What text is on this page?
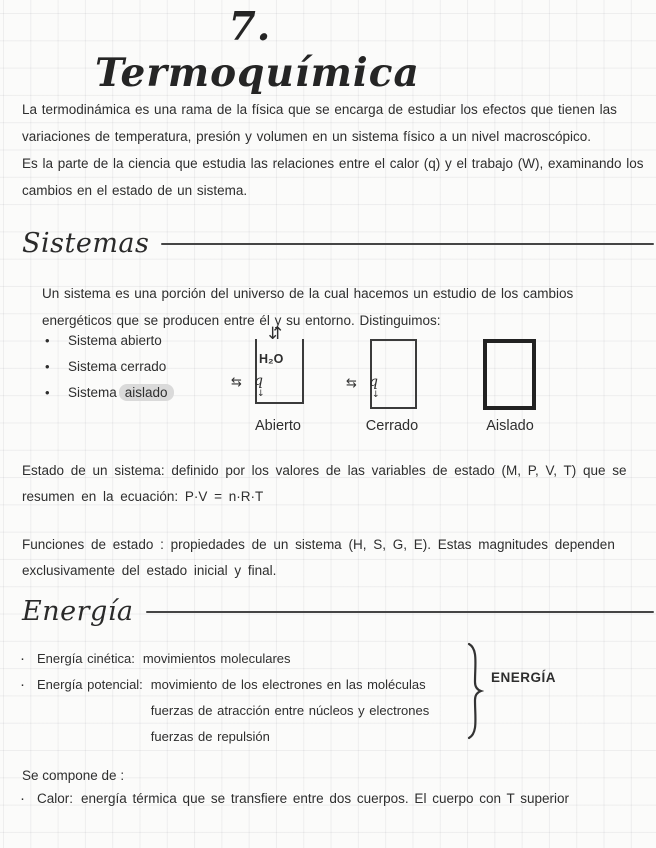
7. Termoquímica

La termodinámica es una rama de la física que se encarga de estudiar los efectos que tienen las variaciones de temperatura, presión y volumen en un sistema físico a un nivel macroscópico.

Es la parte de la ciencia que estudia las relaciones entre el calor (q) y el trabajo (W), examinando los cambios en el estado de un sistema.

Sistemas

Un sistema es una porción del universo de la cual hacemos un estudio de los cambios energéticos que se producen entre él y su entorno. Distinguimos:

•	Sistema abierto
•	Sistema cerrado
•	Sistema aislado
⇵
H₂O
⇆ q
↓
Abierto
⇆ q
↓
Cerrado	Aislado

Estado de un sistema: definido por los valores de las variables de estado (M, P, V, T) que se resumen en la ecuación: P·V = n·R·T

Funciones de estado : propiedades de un sistema (H, S, G, E). Estas magnitudes dependen exclusivamente del estado inicial y final.

Energía
· Energía cinética: movimientos moleculares
· Energía potencial: movimiento de los electrones en las moléculas
fuerzas de atracción entre núcleos y electrones
fuerzas de repulsión
ENERGÍA

Se compone de :

· Calor: energía térmica que se transfiere entre dos cuerpos. El cuerpo con T superior
